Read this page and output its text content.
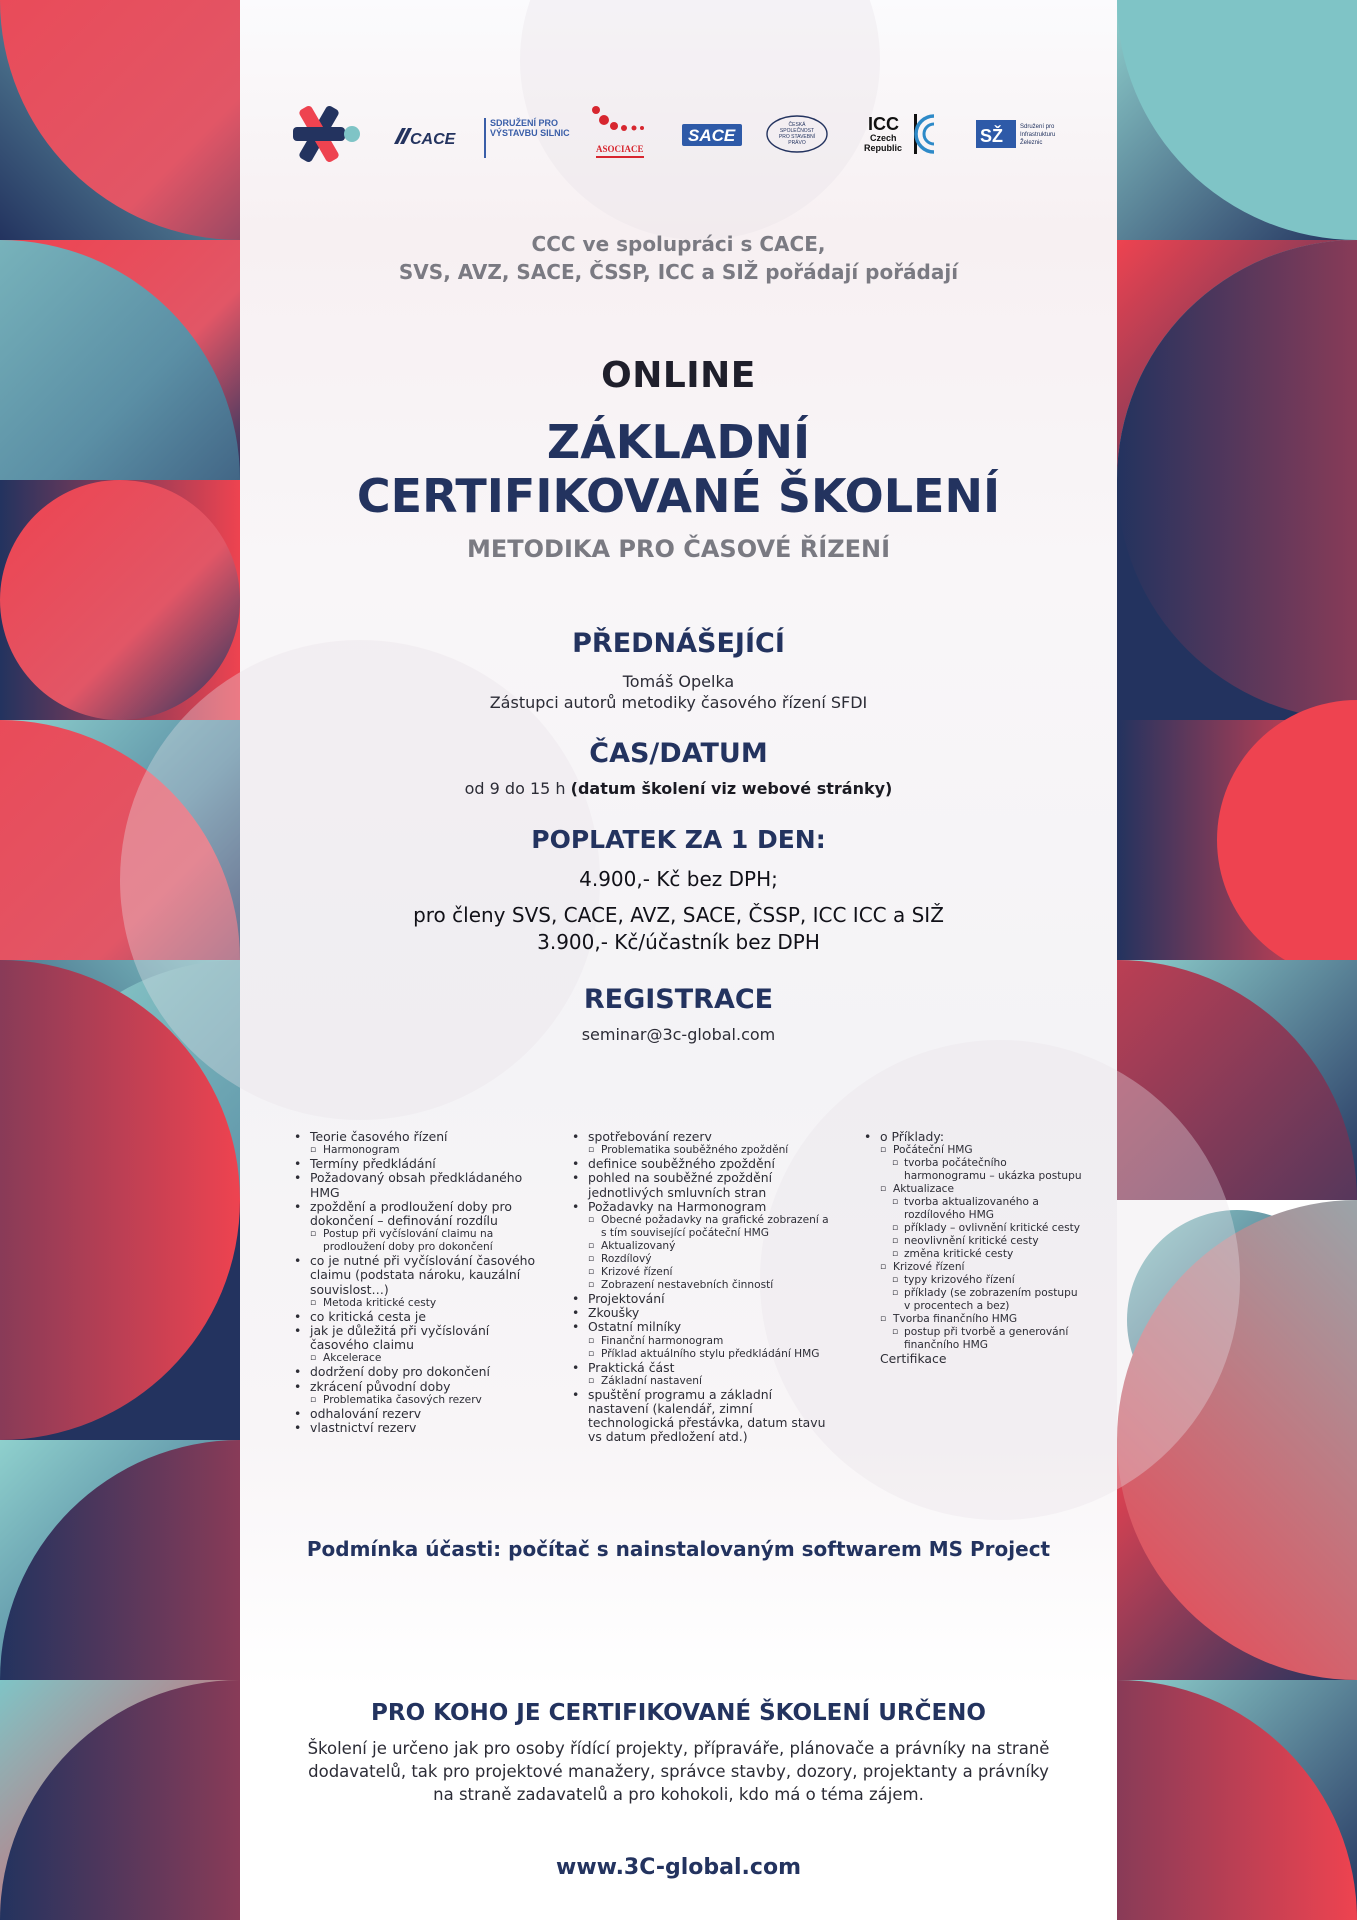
CACE
SDRUŽENÍ PRO VÝSTAVBU SILNIC
ASOCIACE
SACE
ČESKÁ
SPOLEČNOST
PRO STAVEBNÍ
PRÁVO
ICC
Czech
Republic
SŽ	Sdružení pro
Infrastrukturu
Železnic
CCC ve spolupráci s CACE,
SVS, AVZ, SACE, ČSSP, ICC a SIŽ pořádají pořádají
ONLINE
ZÁKLADNÍ
CERTIFIKOVANÉ ŠKOLENÍ
METODIKA PRO ČASOVÉ ŘÍZENÍ
PŘEDNÁŠEJÍCÍ
Tomáš Opelka
Zástupci autorů metodiky časového řízení SFDI
ČAS/DATUM
od 9 do 15 h (datum školení viz webové stránky)
POPLATEK ZA 1 DEN:
4.900,- Kč bez DPH;
pro členy SVS, CACE, AVZ, SACE, ČSSP, ICC ICC a SIŽ
3.900,- Kč/účastník bez DPH
REGISTRACE
seminar@3c-global.com
• Teorie časového řízení
▫ Harmonogram
• Termíny předkládání
• Požadovaný obsah předkládaného HMG
• zpoždění a prodloužení doby pro dokončení – definování rozdílu
▫ Postup při vyčíslování claimu na prodloužení doby pro dokončení
• co je nutné při vyčíslování časového claimu (podstata nároku, kauzální souvislost…)
▫ Metoda kritické cesty
• co kritická cesta je
• jak je důležitá při vyčíslování časového claimu
▫ Akcelerace
• dodržení doby pro dokončení
• zkrácení původní doby
▫ Problematika časových rezerv
• odhalování rezerv
• vlastnictví rezerv
• spotřebování rezerv
▫ Problematika souběžného zpoždění
• definice souběžného zpoždění
• pohled na souběžné zpoždění jednotlivých smluvních stran
• Požadavky na Harmonogram
▫ Obecné požadavky na grafické zobrazení a s tím související počáteční HMG
▫ Aktualizovaný
▫ Rozdílový
▫ Krizové řízení
▫ Zobrazení nestavebních činností
• Projektování
• Zkoušky
• Ostatní milníky
▫ Finanční harmonogram
▫ Příklad aktuálního stylu předkládání HMG
• Praktická část
▫ Základní nastavení
• spuštění programu a základní nastavení (kalendář, zimní technologická přestávka, datum stavu vs datum předložení atd.)
• o Příklady:
▫ Počáteční HMG
▫ tvorba počátečního harmonogramu – ukázka postupu
▫ Aktualizace
▫ tvorba aktualizovaného a rozdílového HMG
▫ příklady – ovlivnění kritické cesty
▫ neovlivnění kritické cesty
▫ změna kritické cesty
▫ Krizové řízení
▫ typy krizového řízení
▫ příklady (se zobrazením postupu v procentech a bez)
▫ Tvorba finančního HMG
▫ postup při tvorbě a generování finančního HMG
Certifikace
Podmínka účasti: počítač s nainstalovaným softwarem MS Project
PRO KOHO JE CERTIFIKOVANÉ ŠKOLENÍ URČENO
Školení je určeno jak pro osoby řídící projekty, přípraváře, plánovače a právníky na straně
dodavatelů, tak pro projektové manažery, správce stavby, dozory, projektanty a právníky
na straně zadavatelů a pro kohokoli, kdo má o téma zájem.
www.3C-global.com
